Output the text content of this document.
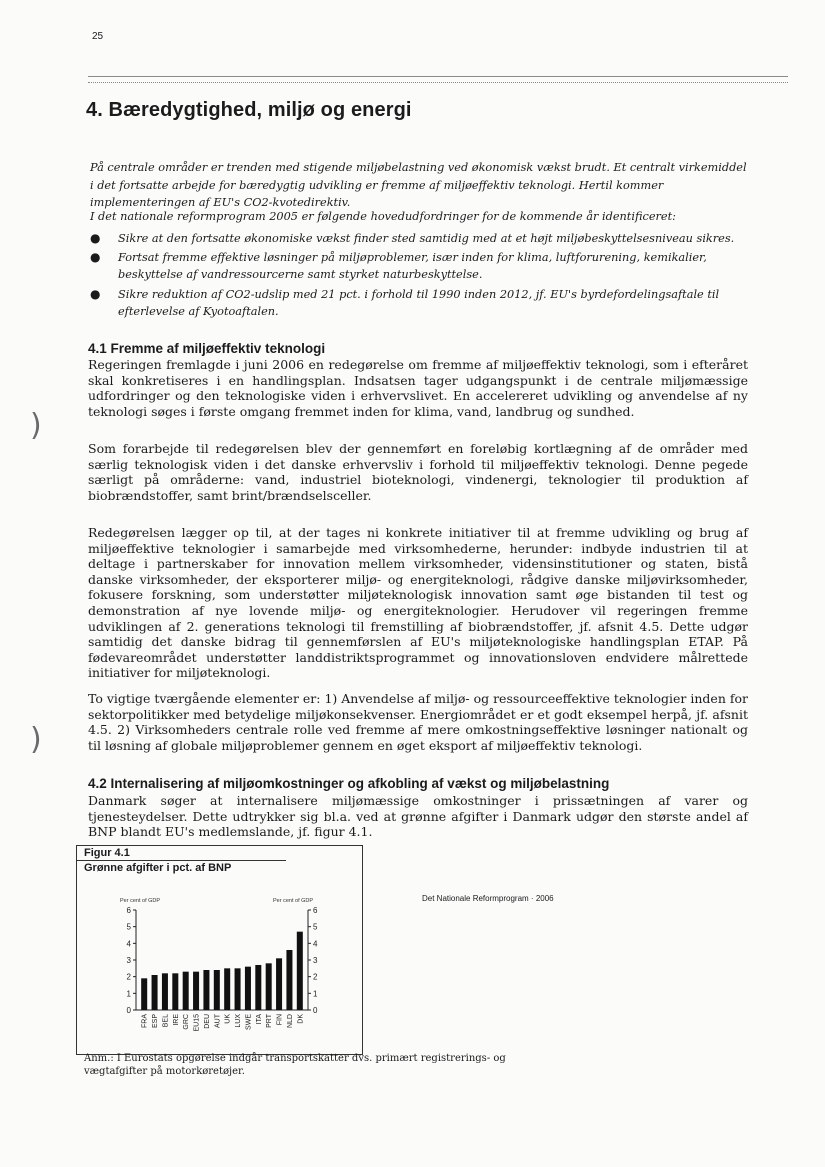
25
4. Bæredygtighed, miljø og energi

På centrale områder er trenden med stigende miljøbelastning ved økonomisk vækst brudt. Et centralt virkemiddel i det fortsatte arbejde for bæredygtig udvikling er fremme af miljøeffektiv teknologi. Hertil kommer implementeringen af EU's CO2-kvotedirektiv.

I det nationale reformprogram 2005 er følgende hovedudfordringer for de kommende år identificeret:

● Sikre at den fortsatte økonomiske vækst finder sted samtidig med at et højt miljøbeskyttelsesniveau sikres.
● Fortsat fremme effektive løsninger på miljøproblemer, især inden for klima, luftforurening, kemikalier, beskyttelse af vandressourcerne samt styrket naturbeskyttelse.
● Sikre reduktion af CO2-udslip med 21 pct. i forhold til 1990 inden 2012, jf. EU's byrdefordelingsaftale til efterlevelse af Kyotoaftalen.
4.1 Fremme af miljøeffektiv teknologi

Regeringen fremlagde i juni 2006 en redegørelse om fremme af miljøeffektiv teknologi, som i efteråret skal konkretiseres i en handlingsplan. Indsatsen tager udgangspunkt i de centrale miljømæssige udfordringer og den teknologiske viden i erhvervslivet. En accelereret udvikling og anvendelse af ny teknologi søges i første omgang fremmet inden for klima, vand, landbrug og sundhed.

Som forarbejde til redegørelsen blev der gennemført en foreløbig kortlægning af de områder med særlig teknologisk viden i det danske erhvervsliv i forhold til miljøeffektiv teknologi. Denne pegede særligt på områderne: vand, industriel bioteknologi, vindenergi, teknologier til produktion af biobrændstoffer, samt brint/brændselsceller.

Redegørelsen lægger op til, at der tages ni konkrete initiativer til at fremme udvikling og brug af miljøeffektive teknologier i samarbejde med virksomhederne, herunder: indbyde industrien til at deltage i partnerskaber for innovation mellem virksomheder, vidensinstitutioner og staten, bistå danske virksomheder, der eksporterer miljø- og energiteknologi, rådgive danske miljøvirksomheder, fokusere forskning, som understøtter miljøteknologisk innovation samt øge bistanden til test og demonstration af nye lovende miljø- og energiteknologier. Herudover vil regeringen fremme udviklingen af 2. generations teknologi til fremstilling af biobrændstoffer, jf. afsnit 4.5. Dette udgør samtidig det danske bidrag til gennemførslen af EU's miljøteknologiske handlingsplan ETAP. På fødevareområdet understøtter landdistriktsprogrammet og innovationsloven endvidere målrettede initiativer for miljøteknologi.

To vigtige tværgående elementer er: 1) Anvendelse af miljø- og ressourceeffektive teknologier inden for sektorpolitikker med betydelige miljøkonsekvenser. Energiområdet er et godt eksempel herpå, jf. afsnit 4.5. 2) Virksomheders centrale rolle ved fremme af mere omkostningseffektive løsninger nationalt og til løsning af globale miljøproblemer gennem en øget eksport af miljøeffektiv teknologi.

4.2 Internalisering af miljøomkostninger og afkobling af vækst og miljøbelastning

Danmark søger at internalisere miljømæssige omkostninger i prissætningen af varer og tjenesteydelser. Dette udtrykker sig bl.a. ved at grønne afgifter i Danmark udgør den største andel af BNP blandt EU's medlemslande, jf. figur 4.1.

)
)
Figur 4.1
Grønne afgifter i pct. af BNP
Per cent of GDP	Per cent of GDP
0	0
1	1
2	2
3	3
4	4
5	5
6	6
FRA ESP BEL IRE GRC EU15 DEU AUT UK LUX SWE ITA PRT FIN NLD DK
Det Nationale Reformprogram · 2006

Anm.: I Eurostats opgørelse indgår transportskatter dvs. primært registrerings- og vægtafgifter på motorkøretøjer.
